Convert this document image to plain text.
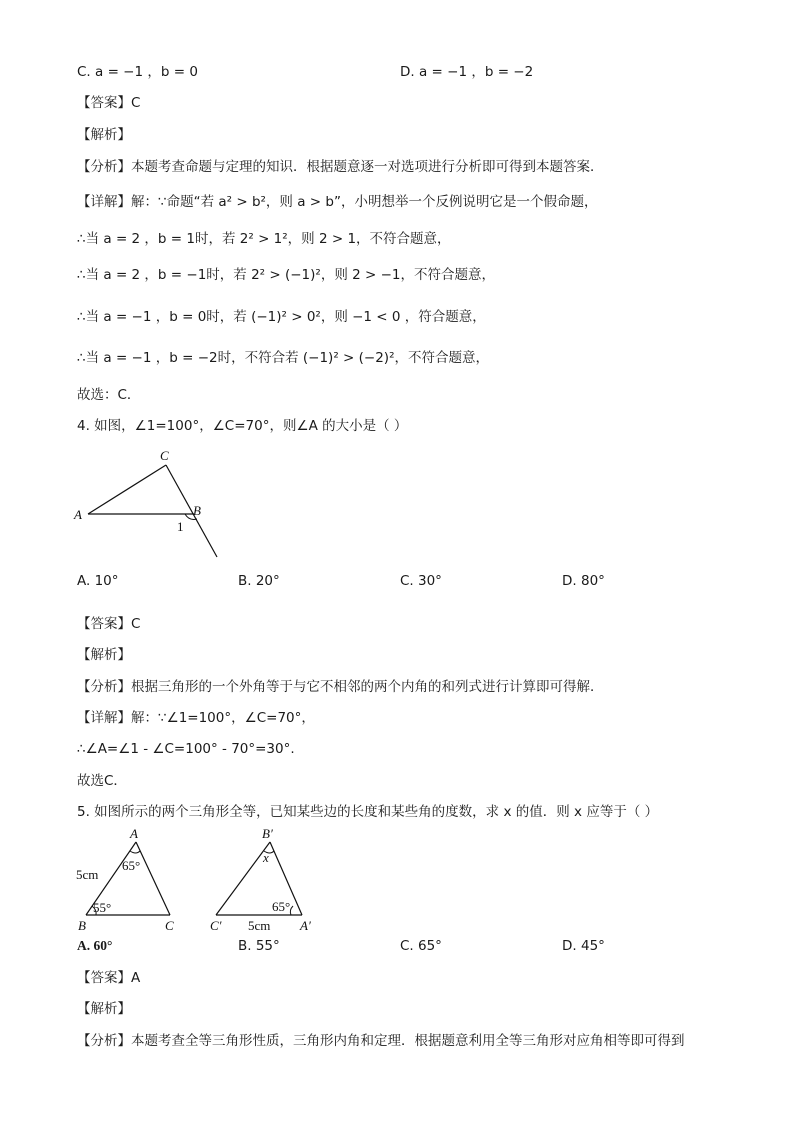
C. a = −1 ，b = 0	D. a = −1 ，b = −2
【答案】C
【解析】
【分析】本题考查命题与定理的知识．根据题意逐一对选项进行分析即可得到本题答案．
【详解】解：∵命题“若 a² > b²，则 a > b”，小明想举一个反例说明它是一个假命题，
∴当 a = 2 ，b = 1时，若 2² > 1²，则 2 > 1，不符合题意，
∴当 a = 2 ，b = −1时，若 2² > (−1)²，则 2 > −1，不符合题意，
∴当 a = −1 ，b = 0时，若 (−1)² > 0²，则 −1 < 0 ，符合题意，
∴当 a = −1 ，b = −2时，不符合若 (−1)² > (−2)²，不符合题意，
故选：C．
4. 如图，∠1=100°，∠C=70°，则∠A 的大小是（ ）
A	B
C
1
A. 10°	B. 20°	C. 30°	D. 80°
【答案】C
【解析】
【分析】根据三角形的一个外角等于与它不相邻的两个内角的和列式进行计算即可得解．
【详解】解：∵∠1=100°，∠C=70°，
∴∠A=∠1 - ∠C=100° - 70°=30°.
故选C．
5. 如图所示的两个三角形全等，已知某些边的长度和某些角的度数，求 x 的值．则 x 应等于（ ）
A
B	C
5cm
65°
55°
B′
C′	A′
5cm
65°
x
A. 60°	B. 55°	C. 65°	D. 45°
【答案】A
【解析】
【分析】本题考查全等三角形性质，三角形内角和定理．根据题意利用全等三角形对应角相等即可得到
